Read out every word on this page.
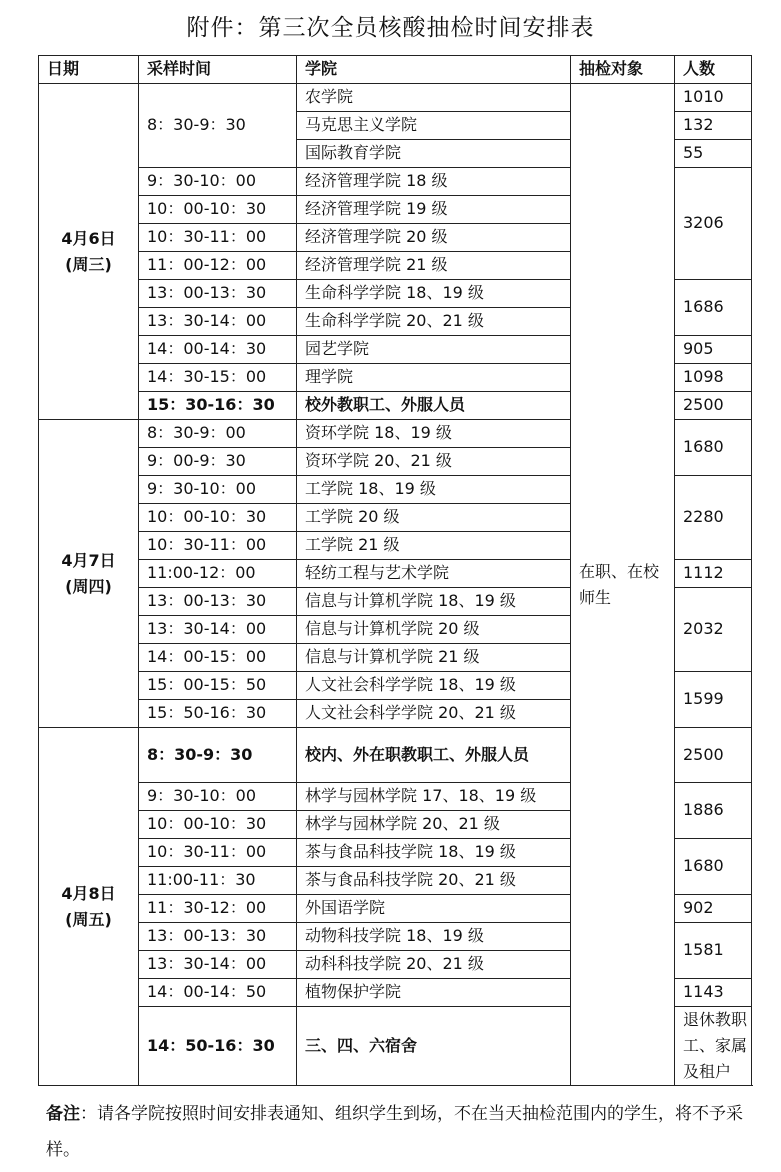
附件：第三次全员核酸抽检时间安排表
日期	采样时间	学院	抽检对象	人数
4月6日
(周三)	8：30-9：30	农学院	在职、在校师生	1010
		马克思主义学院		132
		国际教育学院		55
	9：30-10：00	经济管理学院 18 级		3206
	10：00-10：30	经济管理学院 19 级		
	10：30-11：00	经济管理学院 20 级		
	11：00-12：00	经济管理学院 21 级		
	13：00-13：30	生命科学学院 18、19 级		1686
	13：30-14：00	生命科学学院 20、21 级		
	14：00-14：30	园艺学院		905
	14：30-15：00	理学院		1098
	15：30-16：30	校外教职工、外服人员		2500
4月7日
(周四)	8：30-9：00	资环学院 18、19 级		1680
	9：00-9：30	资环学院 20、21 级		
	9：30-10：00	工学院 18、19 级		2280
	10：00-10：30	工学院 20 级		
	10：30-11：00	工学院 21 级		
	11:00-12：00	轻纺工程与艺术学院		1112
	13：00-13：30	信息与计算机学院 18、19 级		2032
	13：30-14：00	信息与计算机学院 20 级		
	14：00-15：00	信息与计算机学院 21 级		
	15：00-15：50	人文社会科学学院 18、19 级		1599
	15：50-16：30	人文社会科学学院 20、21 级		
4月8日
(周五)	8：30-9：30	校内、外在职教职工、外服人员		2500
	9：30-10：00	林学与园林学院 17、18、19 级		1886
	10：00-10：30	林学与园林学院 20、21 级		
	10：30-11：00	茶与食品科技学院 18、19 级		1680
	11:00-11：30	茶与食品科技学院 20、21 级		
	11：30-12：00	外国语学院		902
	13：00-13：30	动物科技学院 18、19 级		1581
	13：30-14：00	动科科技学院 20、21 级		
	14：00-14：50	植物保护学院		1143
	14：50-16：30	三、四、六宿舍		退休教职工、家属及租户
备注：请各学院按照时间安排表通知、组织学生到场，不在当天抽检范围内的学生，将不予采样。
